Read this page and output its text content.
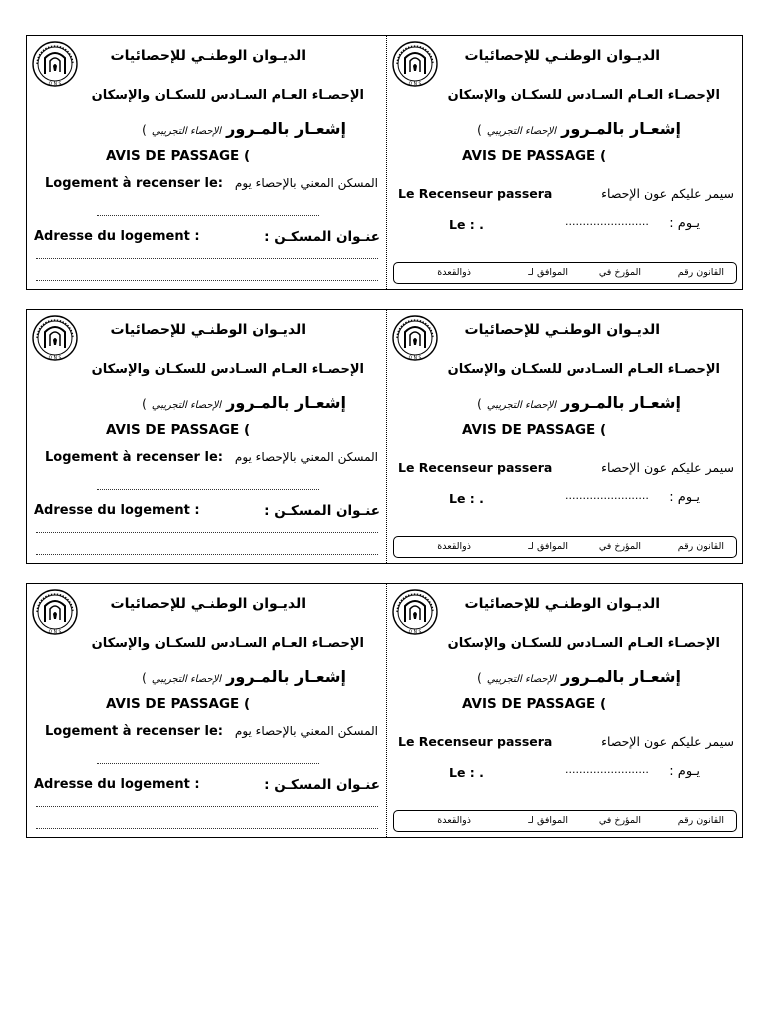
O N S
الديـوان الوطنـي للإحصائيات
الإحصـاء العـام السـادس للسكـان والإسكان
إشعـار بالمـرور الإحصاء التجريبي )
AVIS DE PASSAGE (
المسكن المعني بالإحصاء يوم
Logement à recenser le:
عنـوان المسكـن :
Adresse du logement :
O N S
الديـوان الوطنـي للإحصائيات
الإحصـاء العـام السـادس للسكـان والإسكان
إشعـار بالمـرور الإحصاء التجريبي )
AVIS DE PASSAGE (
سيمر عليكم عون الإحصاء
Le Recenseur passera
يـوم :
........................
Le : .
القانون رقم
المؤرخ في
الموافق لـ
ذوالقعدة
O N S
الديـوان الوطنـي للإحصائيات
الإحصـاء العـام السـادس للسكـان والإسكان
إشعـار بالمـرور الإحصاء التجريبي )
AVIS DE PASSAGE (
المسكن المعني بالإحصاء يوم
Logement à recenser le:
عنـوان المسكـن :
Adresse du logement :
O N S
الديـوان الوطنـي للإحصائيات
الإحصـاء العـام السـادس للسكـان والإسكان
إشعـار بالمـرور الإحصاء التجريبي )
AVIS DE PASSAGE (
سيمر عليكم عون الإحصاء
Le Recenseur passera
يـوم :
........................
Le : .
القانون رقم
المؤرخ في
الموافق لـ
ذوالقعدة
O N S
الديـوان الوطنـي للإحصائيات
الإحصـاء العـام السـادس للسكـان والإسكان
إشعـار بالمـرور الإحصاء التجريبي )
AVIS DE PASSAGE (
المسكن المعني بالإحصاء يوم
Logement à recenser le:
عنـوان المسكـن :
Adresse du logement :
O N S
الديـوان الوطنـي للإحصائيات
الإحصـاء العـام السـادس للسكـان والإسكان
إشعـار بالمـرور الإحصاء التجريبي )
AVIS DE PASSAGE (
سيمر عليكم عون الإحصاء
Le Recenseur passera
يـوم :
........................
Le : .
القانون رقم
المؤرخ في
الموافق لـ
ذوالقعدة
